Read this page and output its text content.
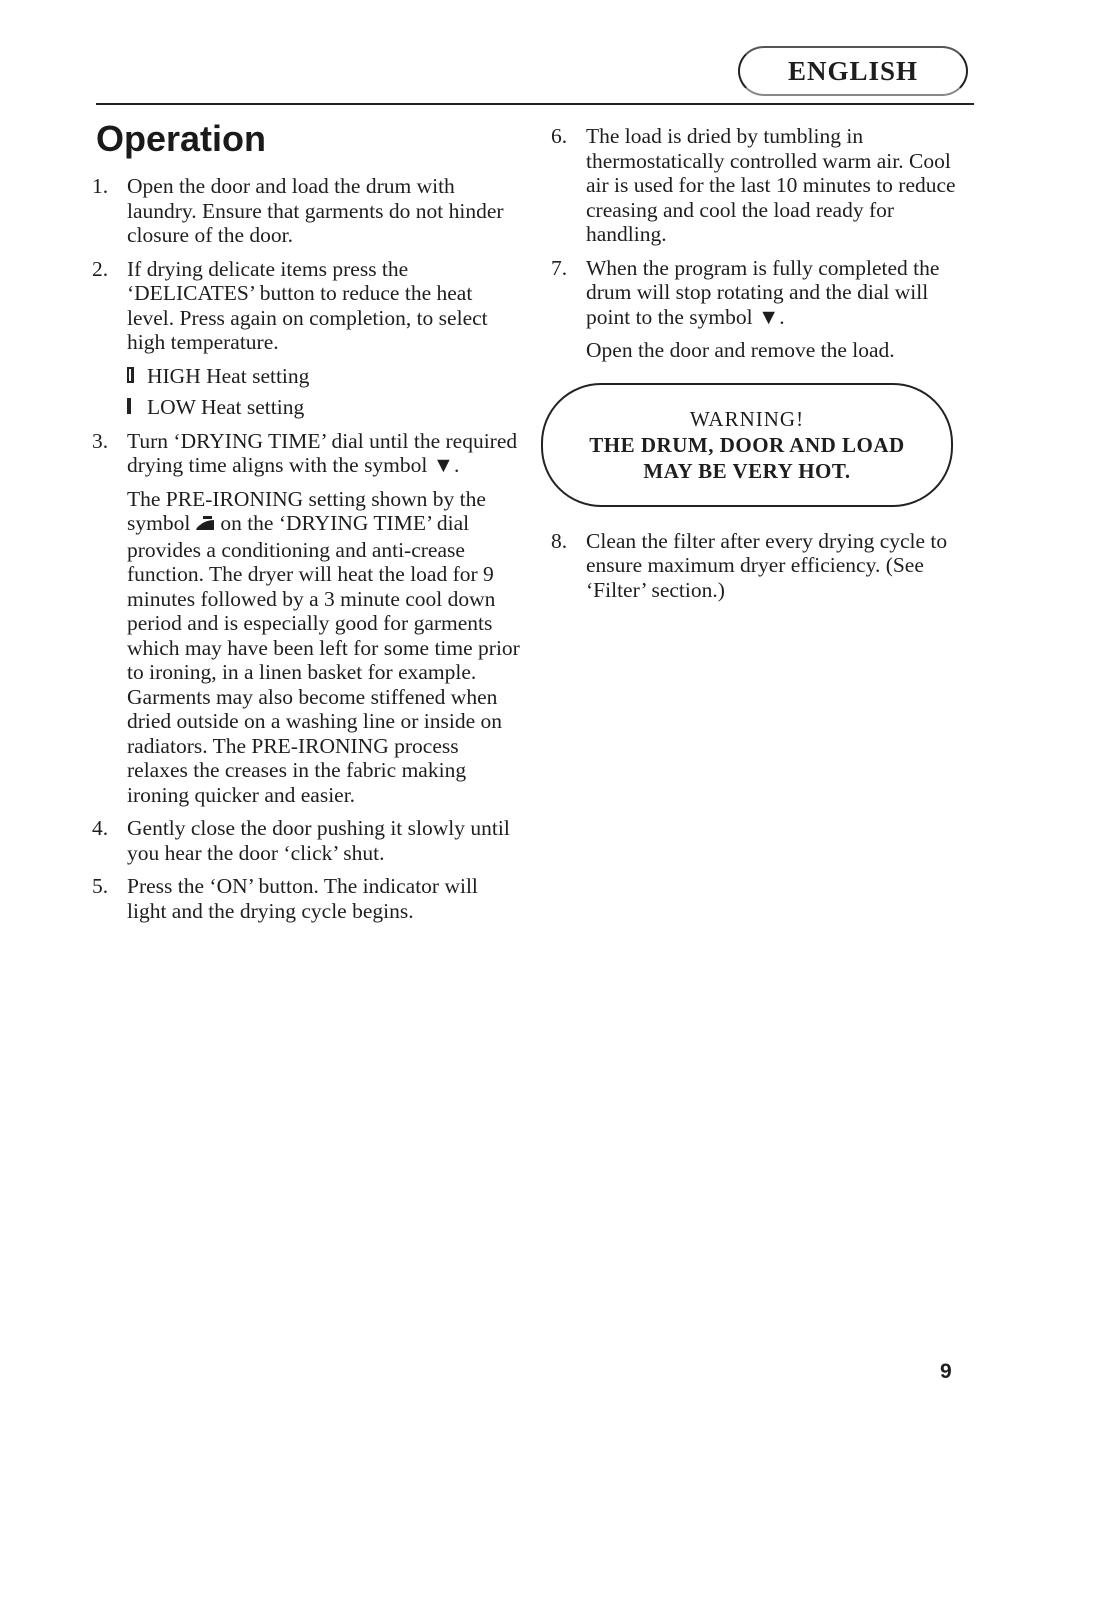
ENGLISH
Operation
1. Open the door and load the drum with laundry. Ensure that garments do not hinder closure of the door.
2. If drying delicate items press the ‘DELICATES’ button to reduce the heat level. Press again on completion, to select high temperature.
HIGH Heat setting
LOW Heat setting
3. Turn ‘DRYING TIME’ dial until the required drying time aligns with the symbol ▼.

The PRE-IRONING setting shown by the symbol on the ‘DRYING TIME’ dial provides a conditioning and anti-crease function. The dryer will heat the load for 9 minutes followed by a 3 minute cool down period and is especially good for garments which may have been left for some time prior to ironing, in a linen basket for example. Garments may also become stiffened when dried outside on a washing line or inside on radiators. The PRE-IRONING process relaxes the creases in the fabric making ironing quicker and easier.

4. Gently close the door pushing it slowly until you hear the door ‘click’ shut.
5. Press the ‘ON’ button. The indicator will light and the drying cycle begins.
6. The load is dried by tumbling in thermostatically controlled warm air. Cool air is used for the last 10 minutes to reduce creasing and cool the load ready for handling.
7. When the program is fully completed the drum will stop rotating and the dial will point to the symbol ▼.
Open the door and remove the load.
WARNING!
THE DRUM, DOOR AND LOAD
MAY BE VERY HOT.
8. Clean the filter after every drying cycle to ensure maximum dryer efficiency. (See ‘Filter’ section.)
9
